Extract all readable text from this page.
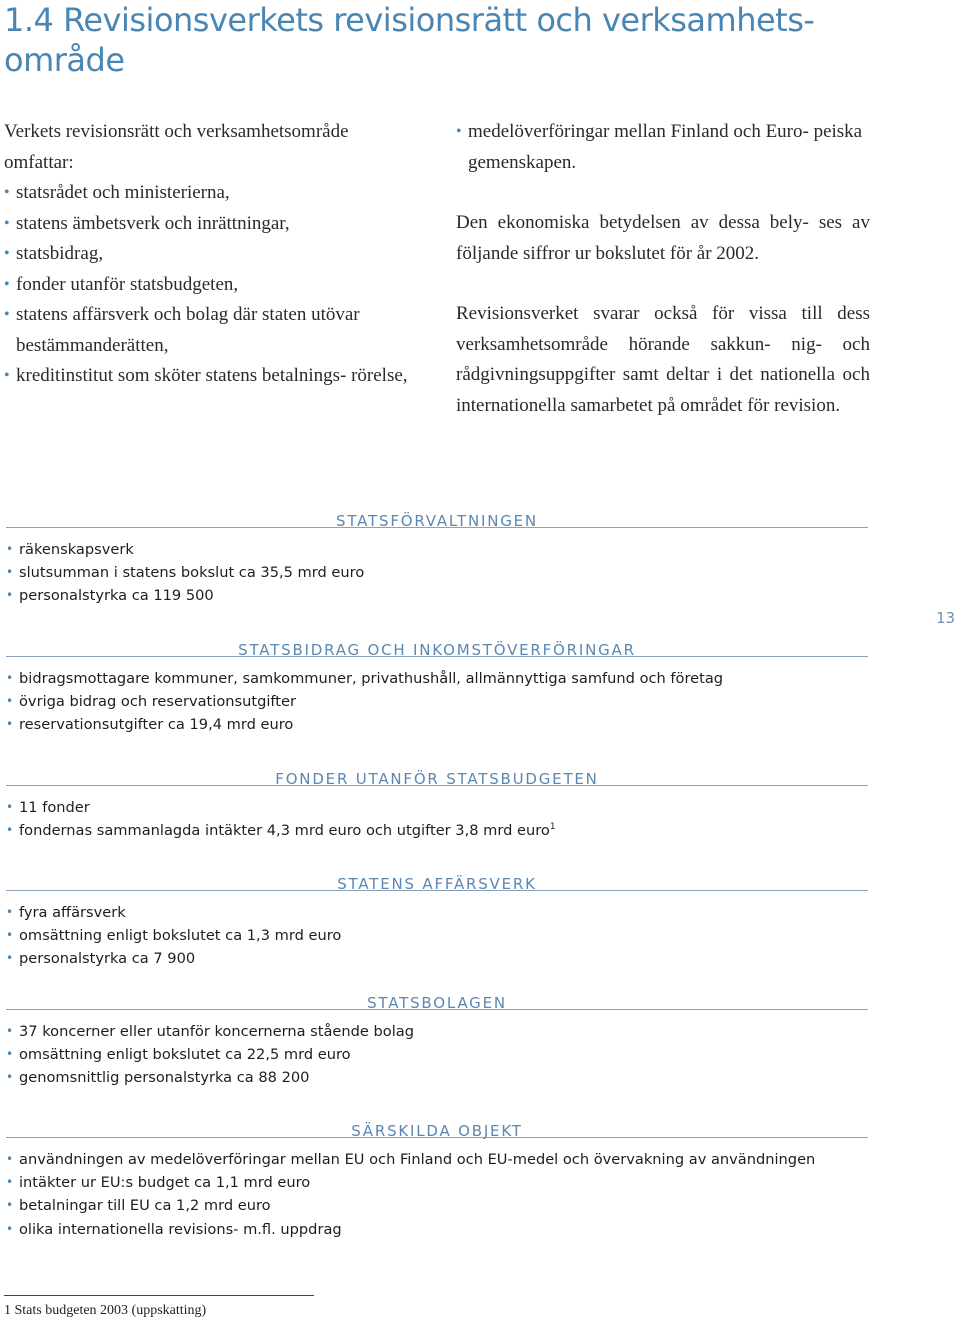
1.4 Revisionsverkets revisionsrätt och verksamhets-
område

Verkets revisionsrätt och verksamhetsområde
omfattar:

• statsrådet och ministerierna,
• statens ämbetsverk och inrättningar,
• statsbidrag,
• fonder utanför statsbudgeten,
• statens affärsverk och bolag där staten utövar bestämmanderätten,
• kreditinstitut som sköter statens betalnings- rörelse,
• medelöverföringar mellan Finland och Euro- peiska gemenskapen.

Den ekonomiska betydelsen av dessa bely- ses av följande siffror ur bokslutet för år 2002.

Revisionsverket svarar också för vissa till dess verksamhetsområde hörande sakkun- nig- och rådgivningsuppgifter samt deltar i det nationella och internationella samarbetet på området för revision.

STATSFÖRVALTNINGEN
• räkenskapsverk
• slutsumman i statens bokslut ca 35,5 mrd euro
• personalstyrka ca 119 500
13
STATSBIDRAG OCH INKOMSTÖVERFÖRINGAR
• bidragsmottagare kommuner, samkommuner, privathushåll, allmännyttiga samfund och företag
• övriga bidrag och reservationsutgifter
• reservationsutgifter ca 19,4 mrd euro
FONDER UTANFÖR STATSBUDGETEN
• 11 fonder
• fondernas sammanlagda intäkter 4,3 mrd euro och utgifter 3,8 mrd euro$^1$
STATENS AFFÄRSVERK
• fyra affärsverk
• omsättning enligt bokslutet ca 1,3 mrd euro
• personalstyrka ca 7 900
STATSBOLAGEN
• 37 koncerner eller utanför koncernerna stående bolag
• omsättning enligt bokslutet ca 22,5 mrd euro
• genomsnittlig personalstyrka ca 88 200
SÄRSKILDA OBJEKT
• användningen av medelöverföringar mellan EU och Finland och EU-medel och övervakning av användningen
• intäkter ur EU:s budget ca 1,1 mrd euro
• betalningar till EU ca 1,2 mrd euro
• olika internationella revisions- m.fl. uppdrag
1 Stats budgeten 2003 (uppskatting)
